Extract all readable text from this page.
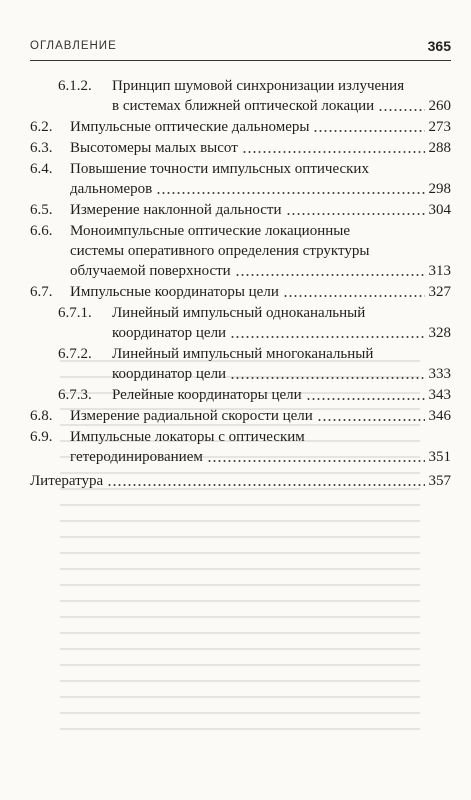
ОГЛАВЛЕНИЕ	365
6.1.2. Принцип шумовой синхронизации излучения
в системах ближней оптической локации	260
6.2. Импульсные оптические дальномеры	273
6.3. Высотомеры малых высот	288
6.4. Повышение точности импульсных оптических
дальномеров	298
6.5. Измерение наклонной дальности	304
6.6. Моноимпульсные оптические локационные
системы оперативного определения структуры
облучаемой поверхности	313
6.7. Импульсные координаторы цели	327
6.7.1. Линейный импульсный одноканальный
координатор цели	328
6.7.2. Линейный импульсный многоканальный
координатор цели	333
6.7.3. Релейные координаторы цели	343
6.8. Измерение радиальной скорости цели	346
6.9. Импульсные локаторы с оптическим
гетеродинированием	351
Литература	357
